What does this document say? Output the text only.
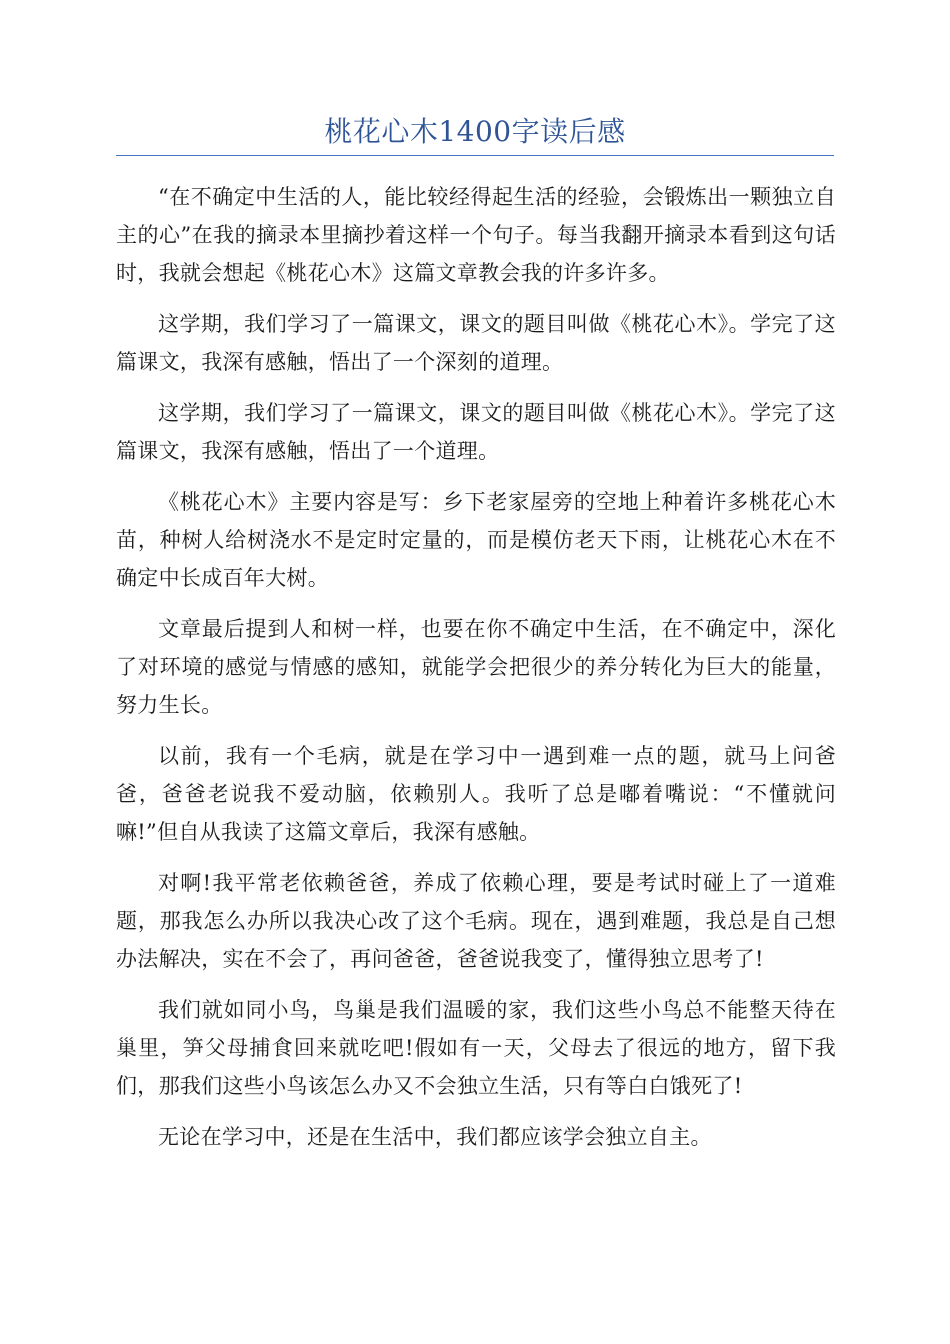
桃花心木1400字读后感

“在不确定中生活的人，能比较经得起生活的经验，会锻炼出一颗独立自主的心”在我的摘录本里摘抄着这样一个句子。每当我翻开摘录本看到这句话时，我就会想起《桃花心木》这篇文章教会我的许多许多。

这学期，我们学习了一篇课文，课文的题目叫做《桃花心木》。学完了这篇课文，我深有感触，悟出了一个深刻的道理。

这学期，我们学习了一篇课文，课文的题目叫做《桃花心木》。学完了这篇课文，我深有感触，悟出了一个道理。

《桃花心木》主要内容是写：乡下老家屋旁的空地上种着许多桃花心木苗，种树人给树浇水不是定时定量的，而是模仿老天下雨，让桃花心木在不确定中长成百年大树。

文章最后提到人和树一样，也要在你不确定中生活，在不确定中，深化了对环境的感觉与情感的感知，就能学会把很少的养分转化为巨大的能量，努力生长。

以前，我有一个毛病，就是在学习中一遇到难一点的题，就马上问爸爸，爸爸老说我不爱动脑，依赖别人。我听了总是嘟着嘴说：“不懂就问嘛!”但自从我读了这篇文章后，我深有感触。

对啊!我平常老依赖爸爸，养成了依赖心理，要是考试时碰上了一道难题，那我怎么办所以我决心改了这个毛病。现在，遇到难题，我总是自己想办法解决，实在不会了，再问爸爸，爸爸说我变了，懂得独立思考了!

我们就如同小鸟，鸟巢是我们温暖的家，我们这些小鸟总不能整天待在巢里，笋父母捕食回来就吃吧!假如有一天，父母去了很远的地方，留下我们，那我们这些小鸟该怎么办又不会独立生活，只有等白白饿死了!

无论在学习中，还是在生活中，我们都应该学会独立自主。
